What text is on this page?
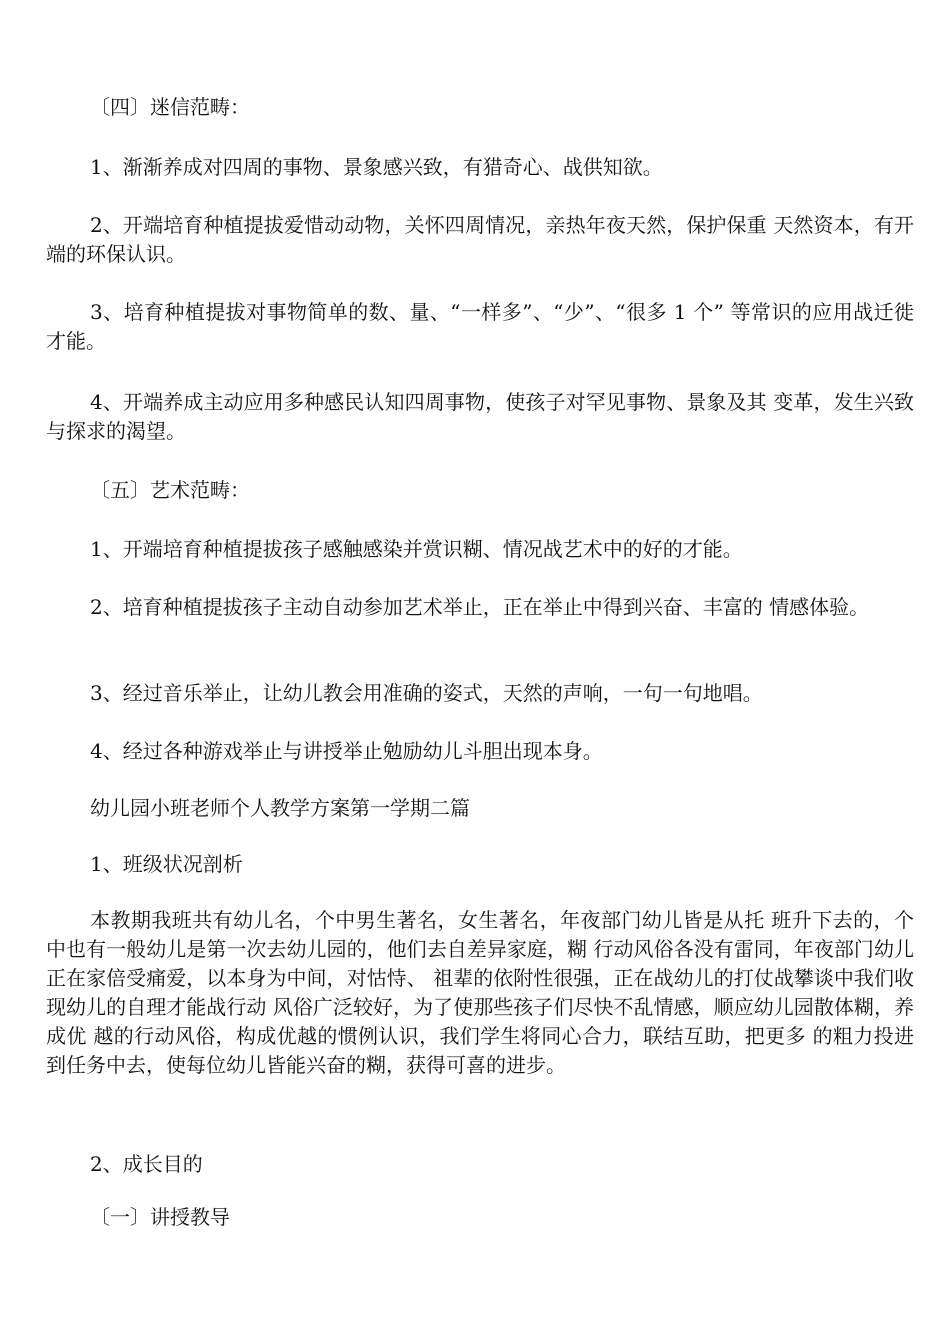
〔四〕迷信范畴：

1、渐渐养成对四周的事物、景象感兴致，有猎奇心、战供知欲。

2、开端培育种植提拔爱惜动动物，关怀四周情况，亲热年夜天然，保护保重 天然资本，有开端的环保认识。

3、培育种植提拔对事物简单的数、量、“一样多”、“少”、“很多 1 个” 等常识的应用战迁徙才能。

4、开端养成主动应用多种感民认知四周事物，使孩子对罕见事物、景象及其 变革，发生兴致与探求的渴望。

〔五〕艺术范畴：

1、开端培育种植提拔孩子感触感染并赏识糊、情况战艺术中的好的才能。

2、培育种植提拔孩子主动自动参加艺术举止，正在举止中得到兴奋、丰富的 情感体验。

3、经过音乐举止，让幼儿教会用准确的姿式，天然的声响，一句一句地唱。

4、经过各种游戏举止与讲授举止勉励幼儿斗胆出现本身。

幼儿园小班老师个人教学方案第一学期二篇

1、班级状况剖析

本教期我班共有幼儿名，个中男生著名，女生著名，年夜部门幼儿皆是从托 班升下去的，个中也有一般幼儿是第一次去幼儿园的，他们去自差异家庭，糊 行动风俗各没有雷同，年夜部门幼儿正在家倍受痛爱，以本身为中间，对怙恃、 祖辈的依附性很强，正在战幼儿的打仗战攀谈中我们收现幼儿的自理才能战行动 风俗广泛较好，为了使那些孩子们尽快不乱情感，顺应幼儿园散体糊，养成优 越的行动风俗，构成优越的惯例认识，我们学生将同心合力，联结互助，把更多 的粗力投进到任务中去，使每位幼儿皆能兴奋的糊，获得可喜的进步。

2、成长目的

〔一〕讲授教导
